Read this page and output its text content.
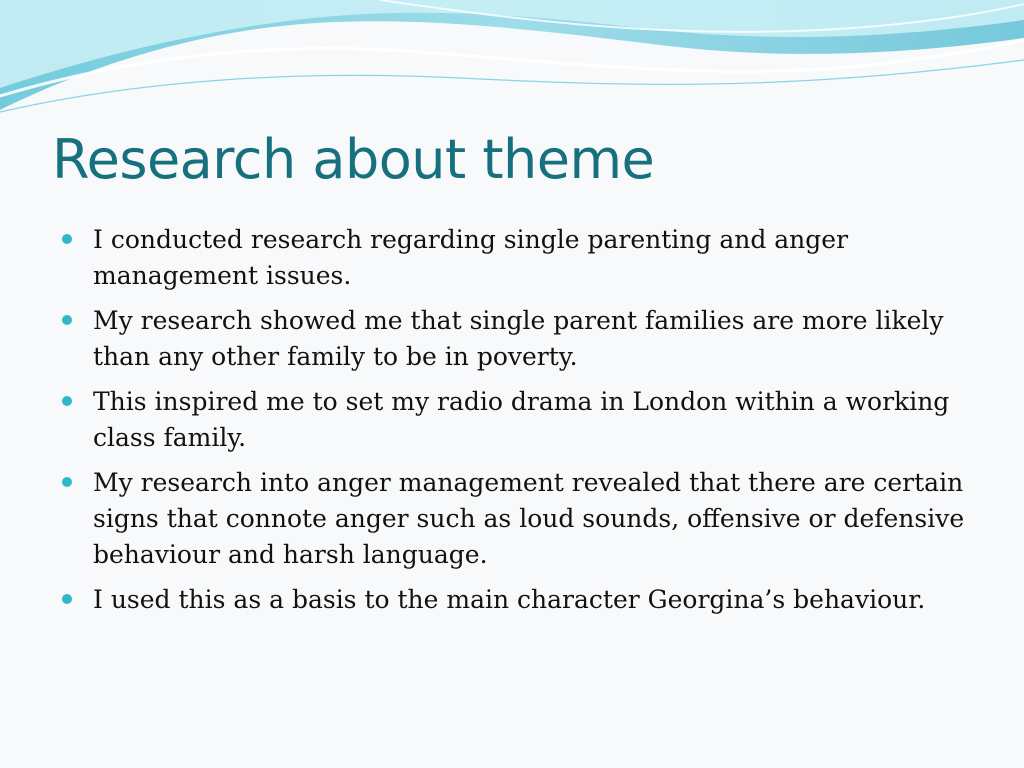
Research about theme
I conducted research regarding single parenting and anger management issues.
My research showed me that single parent families are more likely than any other family to be in poverty.
This inspired me to set my radio drama in London within a working class family.
My research into anger management revealed that there are certain signs that connote anger such as loud sounds, offensive or defensive behaviour and harsh language.
I used this as a basis to the main character Georgina’s behaviour.
